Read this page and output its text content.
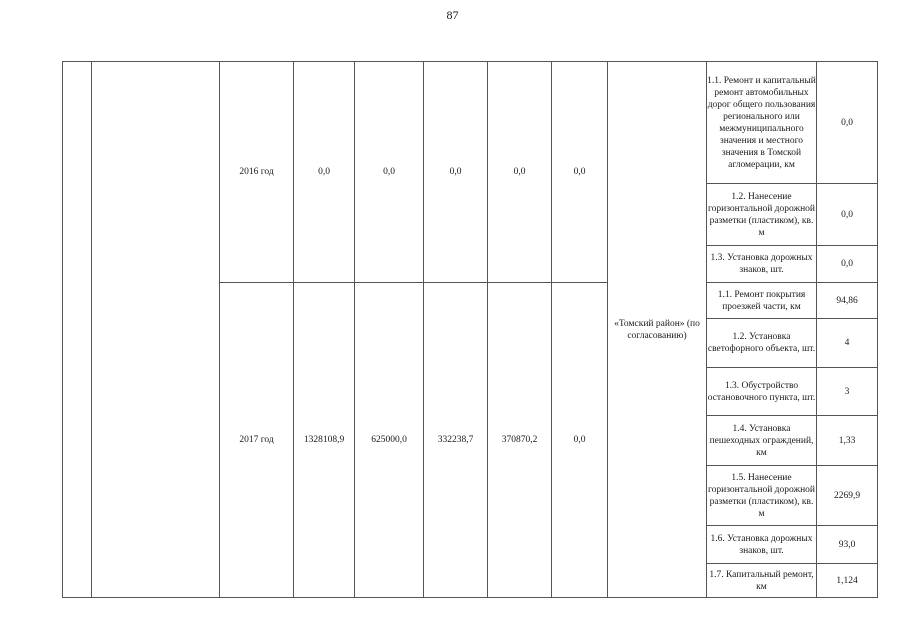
87
		2016 год	0,0	0,0	0,0	0,0	0,0	«Томский район» (по согласованию)	1.1. Ремонт и капитальный ремонт автомобильных дорог общего пользования регионального или межмуниципального значения и местного значения в Томской агломерации, км	0,0
									1.2. Нанесение горизонтальной дорожной разметки (пластиком), кв. м	0,0
									1.3. Установка дорожных знаков, шт.	0,0
		2017 год	1328108,9	625000,0	332238,7	370870,2	0,0		1.1. Ремонт покрытия проезжей части, км	94,86
									1.2. Установка светофорного объекта, шт.	4
									1.3. Обустройство остановочного пункта, шт.	3
									1.4. Установка пешеходных ограждений, км	1,33
									1.5. Нанесение горизонтальной дорожной разметки (пластиком), кв. м	2269,9
									1.6. Установка дорожных знаков, шт.	93,0
									1.7. Капитальный ремонт, км	1,124
